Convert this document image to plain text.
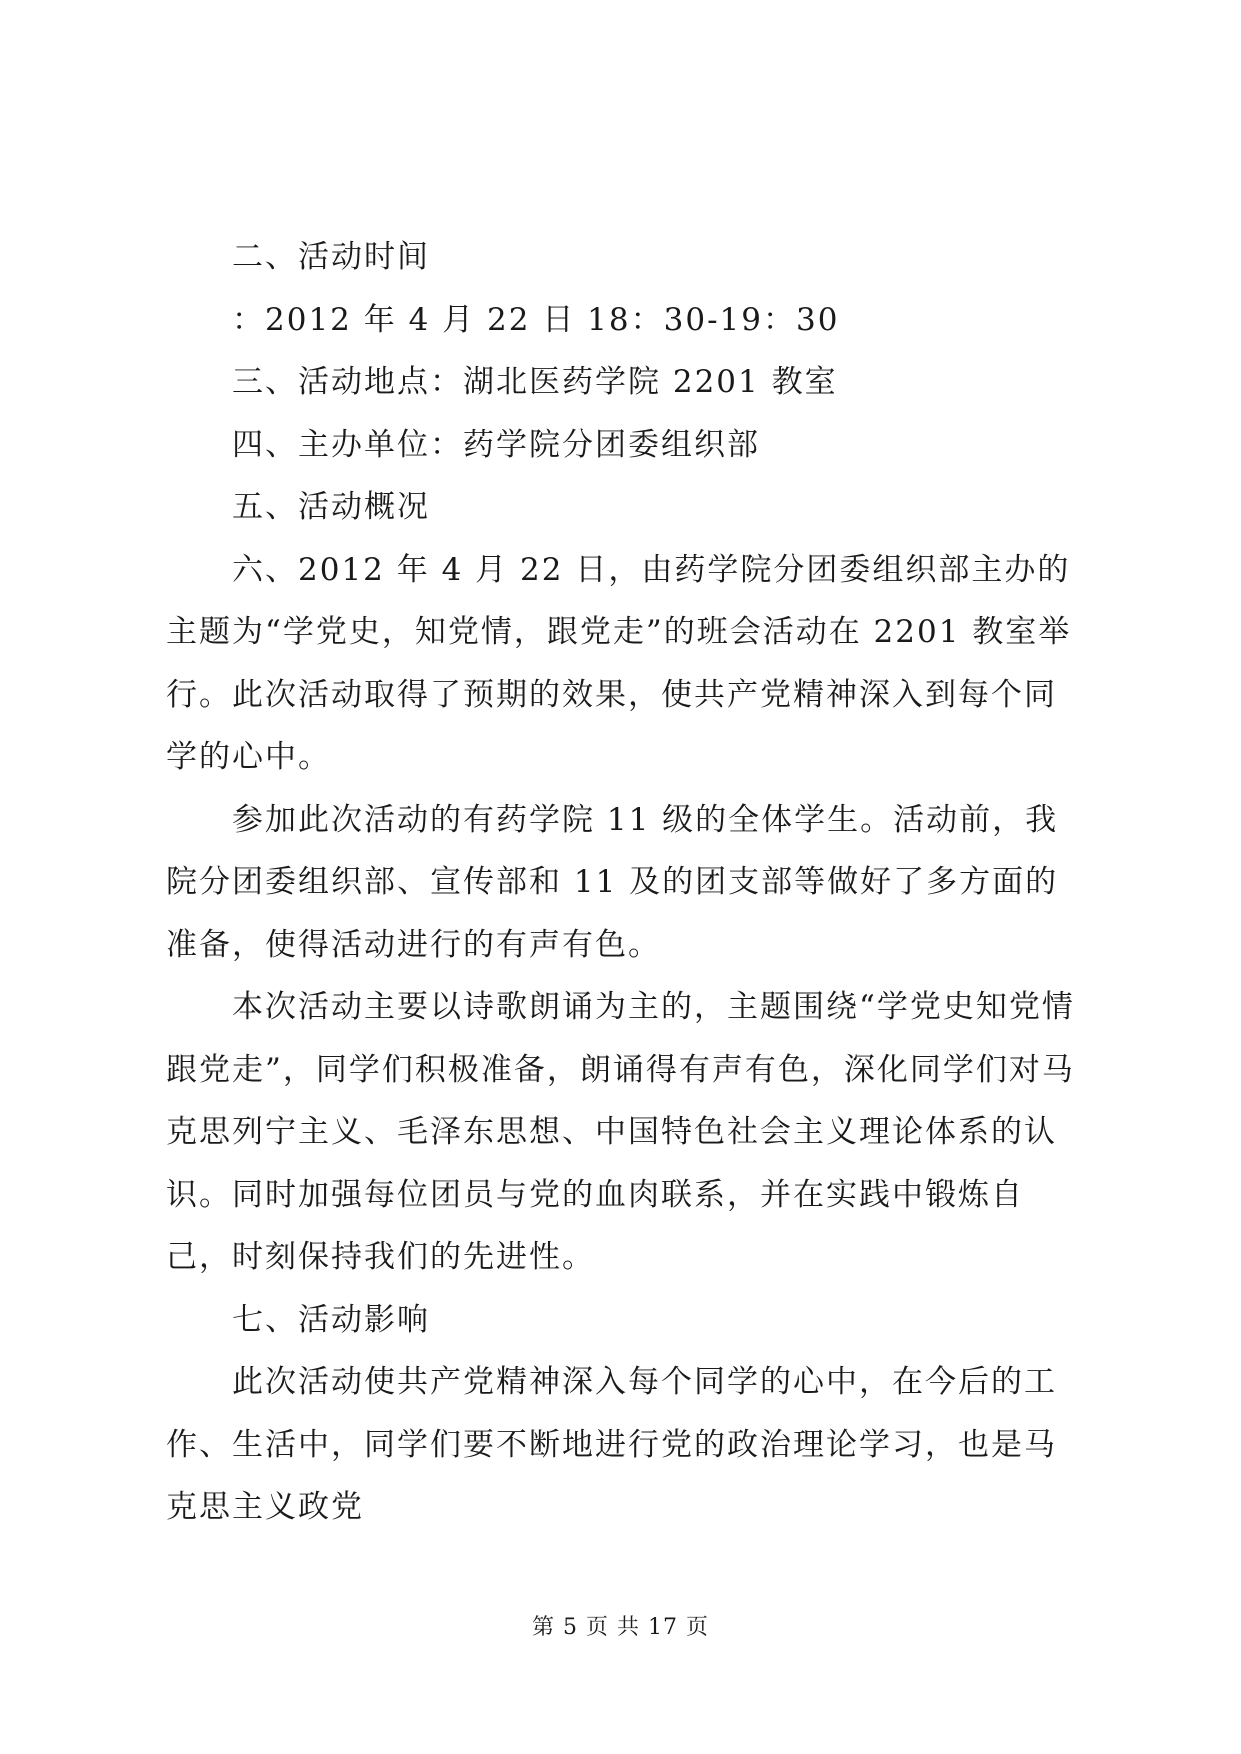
二、活动时间

：2012 年 4 月 22 日 18：30-19：30

三、活动地点：湖北医药学院 2201 教室

四、主办单位：药学院分团委组织部

五、活动概况

六、2012 年 4 月 22 日，由药学院分团委组织部主办的主题为“学党史，知党情，跟党走”的班会活动在 2201 教室举行。此次活动取得了预期的效果，使共产党精神深入到每个同学的心中。

参加此次活动的有药学院 11 级的全体学生。活动前，我院分团委组织部、宣传部和 11 及的团支部等做好了多方面的准备，使得活动进行的有声有色。

本次活动主要以诗歌朗诵为主的，主题围绕“学党史知党情跟党走”，同学们积极准备，朗诵得有声有色，深化同学们对马克思列宁主义、毛泽东思想、中国特色社会主义理论体系的认识。同时加强每位团员与党的血肉联系，并在实践中锻炼自己，时刻保持我们的先进性。

七、活动影响

此次活动使共产党精神深入每个同学的心中，在今后的工作、生活中，同学们要不断地进行党的政治理论学习，也是马克思主义政党

第 5 页 共 17 页
